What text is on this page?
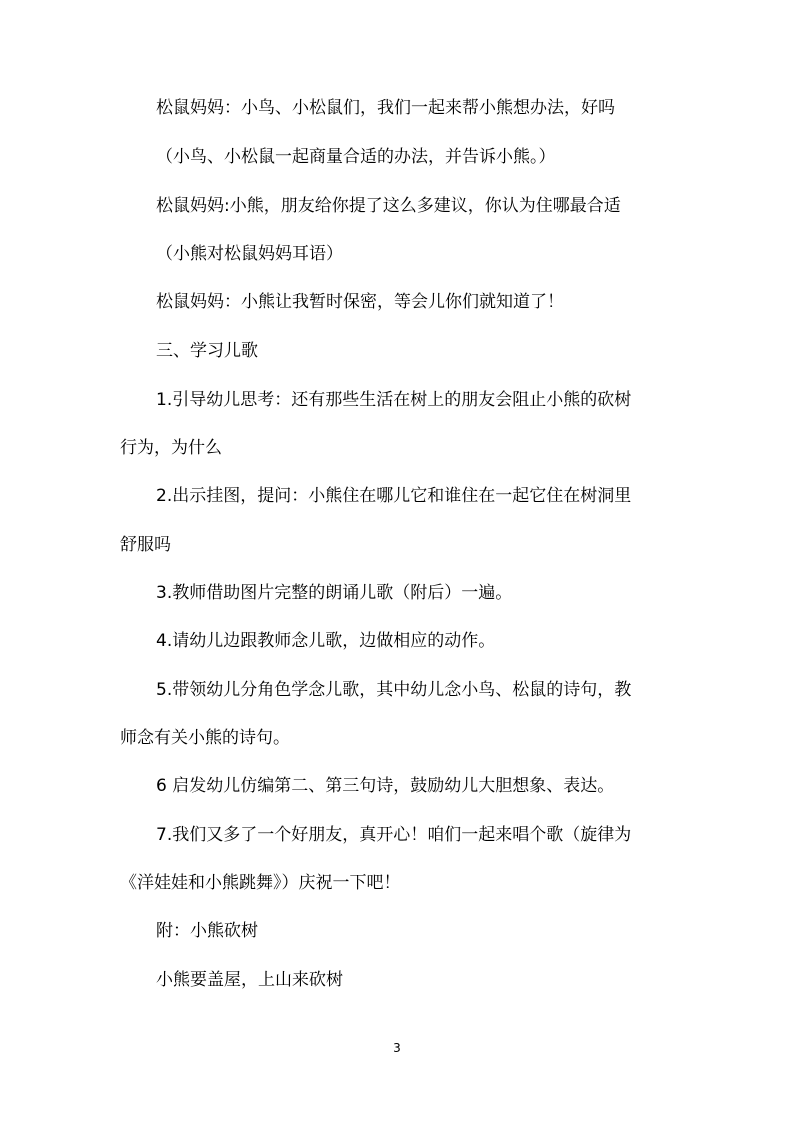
松鼠妈妈：小鸟、小松鼠们，我们一起来帮小熊想办法，好吗
（小鸟、小松鼠一起商量合适的办法，并告诉小熊。）
松鼠妈妈:小熊，朋友给你提了这么多建议，你认为住哪最合适
（小熊对松鼠妈妈耳语）
松鼠妈妈：小熊让我暂时保密，等会儿你们就知道了！
三、学习儿歌
1.引导幼儿思考：还有那些生活在树上的朋友会阻止小熊的砍树
行为，为什么
2.出示挂图，提问：小熊住在哪儿它和谁住在一起它住在树洞里
舒服吗
3.教师借助图片完整的朗诵儿歌（附后）一遍。
4.请幼儿边跟教师念儿歌，边做相应的动作。
5.带领幼儿分角色学念儿歌，其中幼儿念小鸟、松鼠的诗句，教
师念有关小熊的诗句。
6 启发幼儿仿编第二、第三句诗，鼓励幼儿大胆想象、表达。
7.我们又多了一个好朋友，真开心！咱们一起来唱个歌（旋律为
《洋娃娃和小熊跳舞》）庆祝一下吧！
附：小熊砍树
小熊要盖屋，上山来砍树
3
